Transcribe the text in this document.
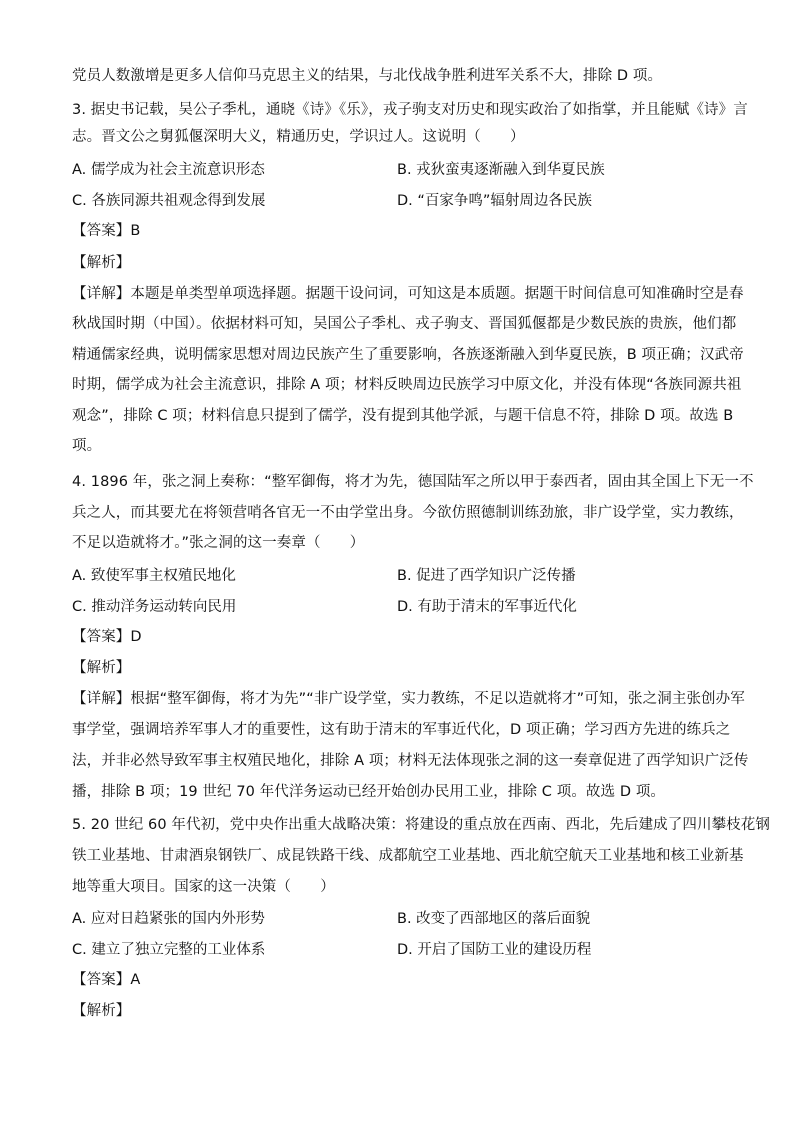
党员人数激增是更多人信仰马克思主义的结果，与北伐战争胜利进军关系不大，排除 D 项。
3. 据史书记载，吴公子季札，通晓《诗》《乐》，戎子驹支对历史和现实政治了如指掌，并且能赋《诗》言
志。晋文公之舅狐偃深明大义，精通历史，学识过人。这说明（　　）
A. 儒学成为社会主流意识形态	B. 戎狄蛮夷逐渐融入到华夏民族
C. 各族同源共祖观念得到发展	D. “百家争鸣”辐射周边各民族
【答案】B
【解析】
【详解】本题是单类型单项选择题。据题干设问词，可知这是本质题。据题干时间信息可知准确时空是春
秋战国时期（中国）。依据材料可知，吴国公子季札、戎子驹支、晋国狐偃都是少数民族的贵族，他们都
精通儒家经典，说明儒家思想对周边民族产生了重要影响，各族逐渐融入到华夏民族，B 项正确；汉武帝
时期，儒学成为社会主流意识，排除 A 项；材料反映周边民族学习中原文化，并没有体现“各族同源共祖
观念”，排除 C 项；材料信息只提到了儒学，没有提到其他学派，与题干信息不符，排除 D 项。故选 B
项。
4. 1896 年，张之洞上奏称：“整军御侮，将才为先，德国陆军之所以甲于泰西者，固由其全国上下无一不
兵之人，而其要尤在将领营哨各官无一不由学堂出身。今欲仿照德制训练劲旅，非广设学堂，实力教练，
不足以造就将才。”张之洞的这一奏章（　　）
A. 致使军事主权殖民地化	B. 促进了西学知识广泛传播
C. 推动洋务运动转向民用	D. 有助于清末的军事近代化
【答案】D
【解析】
【详解】根据“整军御侮，将才为先”“非广设学堂，实力教练，不足以造就将才”可知，张之洞主张创办军
事学堂，强调培养军事人才的重要性，这有助于清末的军事近代化，D 项正确；学习西方先进的练兵之
法，并非必然导致军事主权殖民地化，排除 A 项；材料无法体现张之洞的这一奏章促进了西学知识广泛传
播，排除 B 项；19 世纪 70 年代洋务运动已经开始创办民用工业，排除 C 项。故选 D 项。
5. 20 世纪 60 年代初，党中央作出重大战略决策：将建设的重点放在西南、西北，先后建成了四川攀枝花钢
铁工业基地、甘肃酒泉钢铁厂、成昆铁路干线、成都航空工业基地、西北航空航天工业基地和核工业新基
地等重大项目。国家的这一决策（　　）
A. 应对日趋紧张的国内外形势	B. 改变了西部地区的落后面貌
C. 建立了独立完整的工业体系	D. 开启了国防工业的建设历程
【答案】A
【解析】
